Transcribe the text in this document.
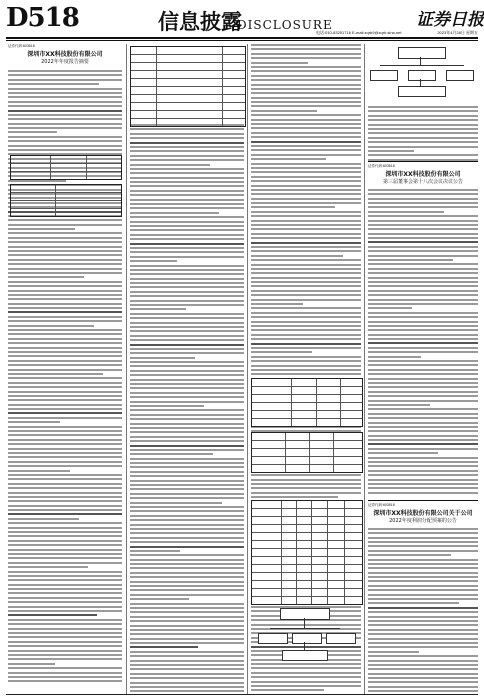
D518	信息披露
DISCLOSURE
电话:010-83251716 E-mail:zqrb9@zqrb.sina.net
证券日报
2023年4月28日 星期五
证券代码:603518
深圳市XX科技股份有限公司
2022年年度报告摘要
证券代码:603518
深圳市XX科技股份有限公司
第三届董事会第十八次会议决议公告
证券代码:603518
深圳市XX科技股份有限公司关于公司
2022年度利润分配预案的公告
